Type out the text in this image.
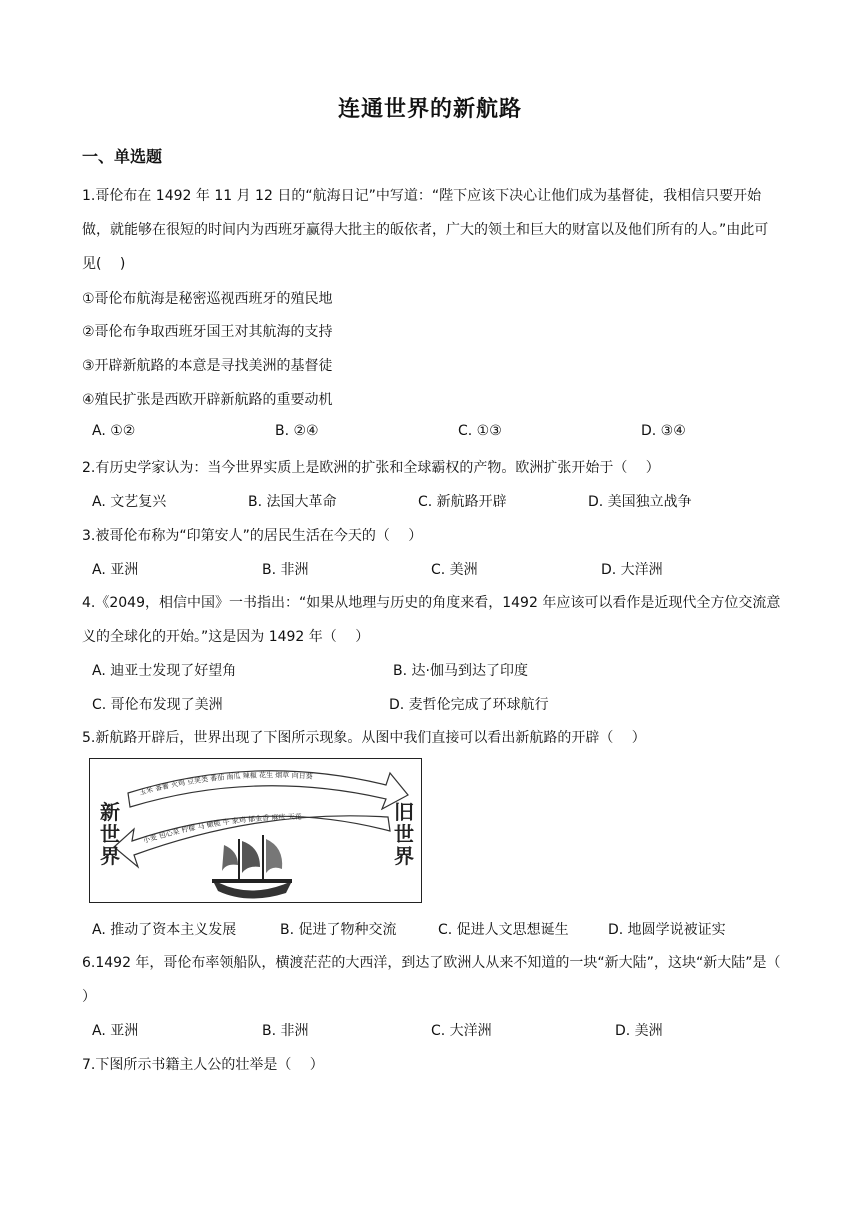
连通世界的新航路
一、单选题
1.哥伦布在 1492 年 11 月 12 日的“航海日记”中写道：“陛下应该下决心让他们成为基督徒，我相信只要开始做，就能够在很短的时间内为西班牙赢得大批主的皈依者，广大的领土和巨大的财富以及他们所有的人。”由此可见(　 )
①哥伦布航海是秘密巡视西班牙的殖民地
②哥伦布争取西班牙国王对其航海的支持
③开辟新航路的本意是寻找美洲的基督徒
④殖民扩张是西欧开辟新航路的重要动机
A. ①②	B. ②④	C. ①③	D. ③④
2.有历史学家认为：当今世界实质上是欧洲的扩张和全球霸权的产物。欧洲扩张开始于（　 ）
A. 文艺复兴	B. 法国大革命	C. 新航路开辟	D. 美国独立战争
3.被哥伦布称为“印第安人”的居民生活在今天的（　 ）
A. 亚洲	B. 非洲	C. 美洲	D. 大洋洲
4.《2049，相信中国》一书指出：“如果从地理与历史的角度来看，1492 年应该可以看作是近现代全方位交流意义的全球化的开始。”这是因为 1492 年（　 ）
A. 迪亚士发现了好望角	B. 达·伽马到达了印度
C. 哥伦布发现了美洲	D. 麦哲伦完成了环球航行
5.新航路开辟后，世界出现了下图所示现象。从图中我们直接可以看出新航路的开辟（　 ）
玉米 番薯 火鸡 豆荚类 番茄 南瓜 辣椒 花生 烟草 向日葵
小麦 包心菜 柠檬 马 橄榄 牛 家鸡 郁金香 麻疹 天花
新世界
旧世界
A. 推动了资本主义发展	B. 促进了物种交流	C. 促进人文思想诞生	D. 地圆学说被证实
6.1492 年，哥伦布率领船队，横渡茫茫的大西洋，到达了欧洲人从来不知道的一块“新大陆”，这块“新大陆”是（　 ）
A. 亚洲	B. 非洲	C. 大洋洲	D. 美洲
7.下图所示书籍主人公的壮举是（　 ）
